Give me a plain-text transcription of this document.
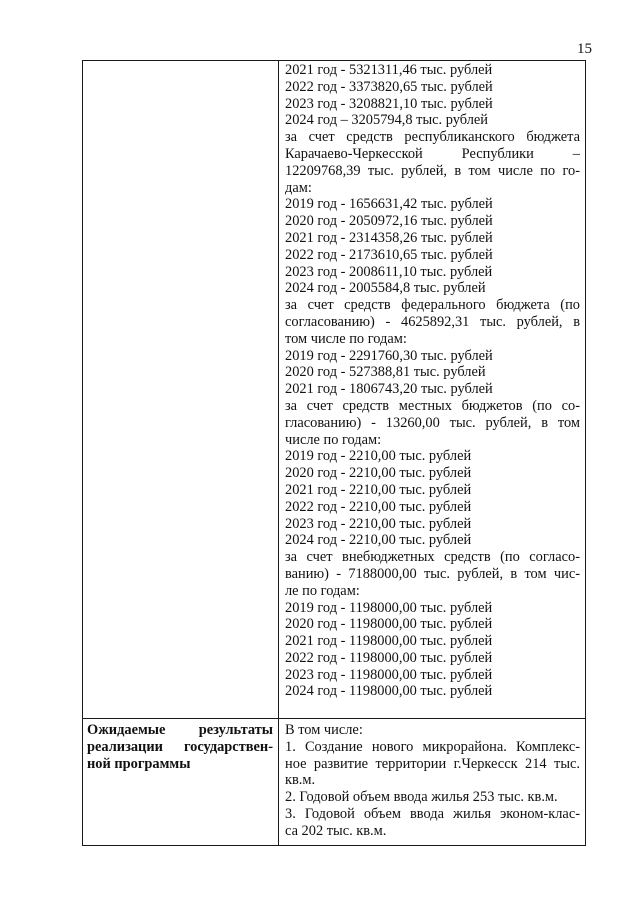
15
2021 год - 5321311,46 тыс. рублей
2022 год - 3373820,65 тыс. рублей
2023 год - 3208821,10 тыс. рублей
2024 год – 3205794,8 тыс. рублей
за счет средств республиканского бюджета
Карачаево-Черкесской Республики –
12209768,39 тыс. рублей, в том числе по го-
дам:
2019 год - 1656631,42 тыс. рублей
2020 год - 2050972,16 тыс. рублей
2021 год - 2314358,26 тыс. рублей
2022 год - 2173610,65 тыс. рублей
2023 год - 2008611,10 тыс. рублей
2024 год - 2005584,8 тыс. рублей
за счет средств федерального бюджета (по
согласованию) - 4625892,31 тыс. рублей, в
том числе по годам:
2019 год - 2291760,30 тыс. рублей
2020 год - 527388,81 тыс. рублей
2021 год - 1806743,20 тыс. рублей
за счет средств местных бюджетов (по со-
гласованию) - 13260,00 тыс. рублей, в том
числе по годам:
2019 год - 2210,00 тыс. рублей
2020 год - 2210,00 тыс. рублей
2021 год - 2210,00 тыс. рублей
2022 год - 2210,00 тыс. рублей
2023 год - 2210,00 тыс. рублей
2024 год - 2210,00 тыс. рублей
за счет внебюджетных средств (по согласо-
ванию) - 7188000,00 тыс. рублей, в том чис-
ле по годам:
2019 год - 1198000,00 тыс. рублей
2020 год - 1198000,00 тыс. рублей
2021 год - 1198000,00 тыс. рублей
2022 год - 1198000,00 тыс. рублей
2023 год - 1198000,00 тыс. рублей
2024 год - 1198000,00 тыс. рублей
Ожидаемые результаты
реализации государствен-
ной программы
В том числе:
1. Создание нового микрорайона. Комплекс-
ное развитие территории г.Черкесск 214 тыс.
кв.м.
2. Годовой объем ввода жилья 253 тыс. кв.м.
3. Годовой объем ввода жилья эконом-клас-
са 202 тыс. кв.м.
